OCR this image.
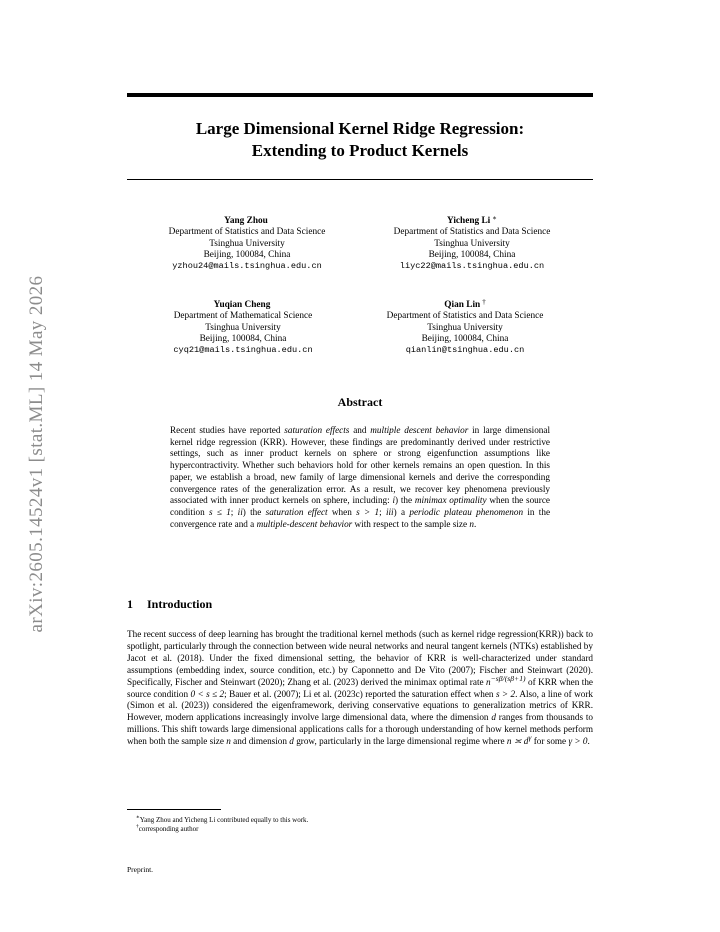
arXiv:2605.14524v1 [stat.ML] 14 May 2026
Large Dimensional Kernel Ridge Regression:
Extending to Product Kernels
Yang Zhou
Department of Statistics and Data Science
Tsinghua University
Beijing, 100084, China
yzhou24@mails.tsinghua.edu.cn
Yicheng Li ∗
Department of Statistics and Data Science
Tsinghua University
Beijing, 100084, China
liyc22@mails.tsinghua.edu.cn
Yuqian Cheng
Department of Mathematical Science
Tsinghua University
Beijing, 100084, China
cyq21@mails.tsinghua.edu.cn
Qian Lin †
Department of Statistics and Data Science
Tsinghua University
Beijing, 100084, China
qianlin@tsinghua.edu.cn
Abstract
Recent studies have reported saturation effects and multiple descent behavior in large dimensional kernel ridge regression (KRR). However, these findings are predominantly derived under restrictive settings, such as inner product kernels on sphere or strong eigenfunction assumptions like hypercontractivity. Whether such behaviors hold for other kernels remains an open question. In this paper, we establish a broad, new family of large dimensional kernels and derive the corresponding convergence rates of the generalization error. As a result, we recover key phenomena previously associated with inner product kernels on sphere, including: i) the minimax optimality when the source condition s ≤ 1; ii) the saturation effect when s > 1; iii) a periodic plateau phenomenon in the convergence rate and a multiple-descent behavior with respect to the sample size n.
1 Introduction
The recent success of deep learning has brought the traditional kernel methods (such as kernel ridge regression(KRR)) back to spotlight, particularly through the connection between wide neural networks and neural tangent kernels (NTKs) established by Jacot et al. (2018). Under the fixed dimensional setting, the behavior of KRR is well-characterized under standard assumptions (embedding index, source condition, etc.) by Caponnetto and De Vito (2007); Fischer and Steinwart (2020). Specifically, Fischer and Steinwart (2020); Zhang et al. (2023) derived the minimax optimal rate $n^{-s\beta/(s\beta+1)}$ of KRR when the source condition 0 < s ≤ 2; Bauer et al. (2007); Li et al. (2023c) reported the saturation effect when s > 2. Also, a line of work (Simon et al. (2023)) considered the eigenframework, deriving conservative equations to generalization metrics of KRR. However, modern applications increasingly involve large dimensional data, where the dimension d ranges from thousands to millions. This shift towards large dimensional applications calls for a thorough understanding of how kernel methods perform when both the sample size n and dimension d grow, particularly in the large dimensional regime where n ≍ $d^\gamma$ for some γ > 0.
∗Yang Zhou and Yicheng Li contributed equally to this work.
†corresponding author
Preprint.
